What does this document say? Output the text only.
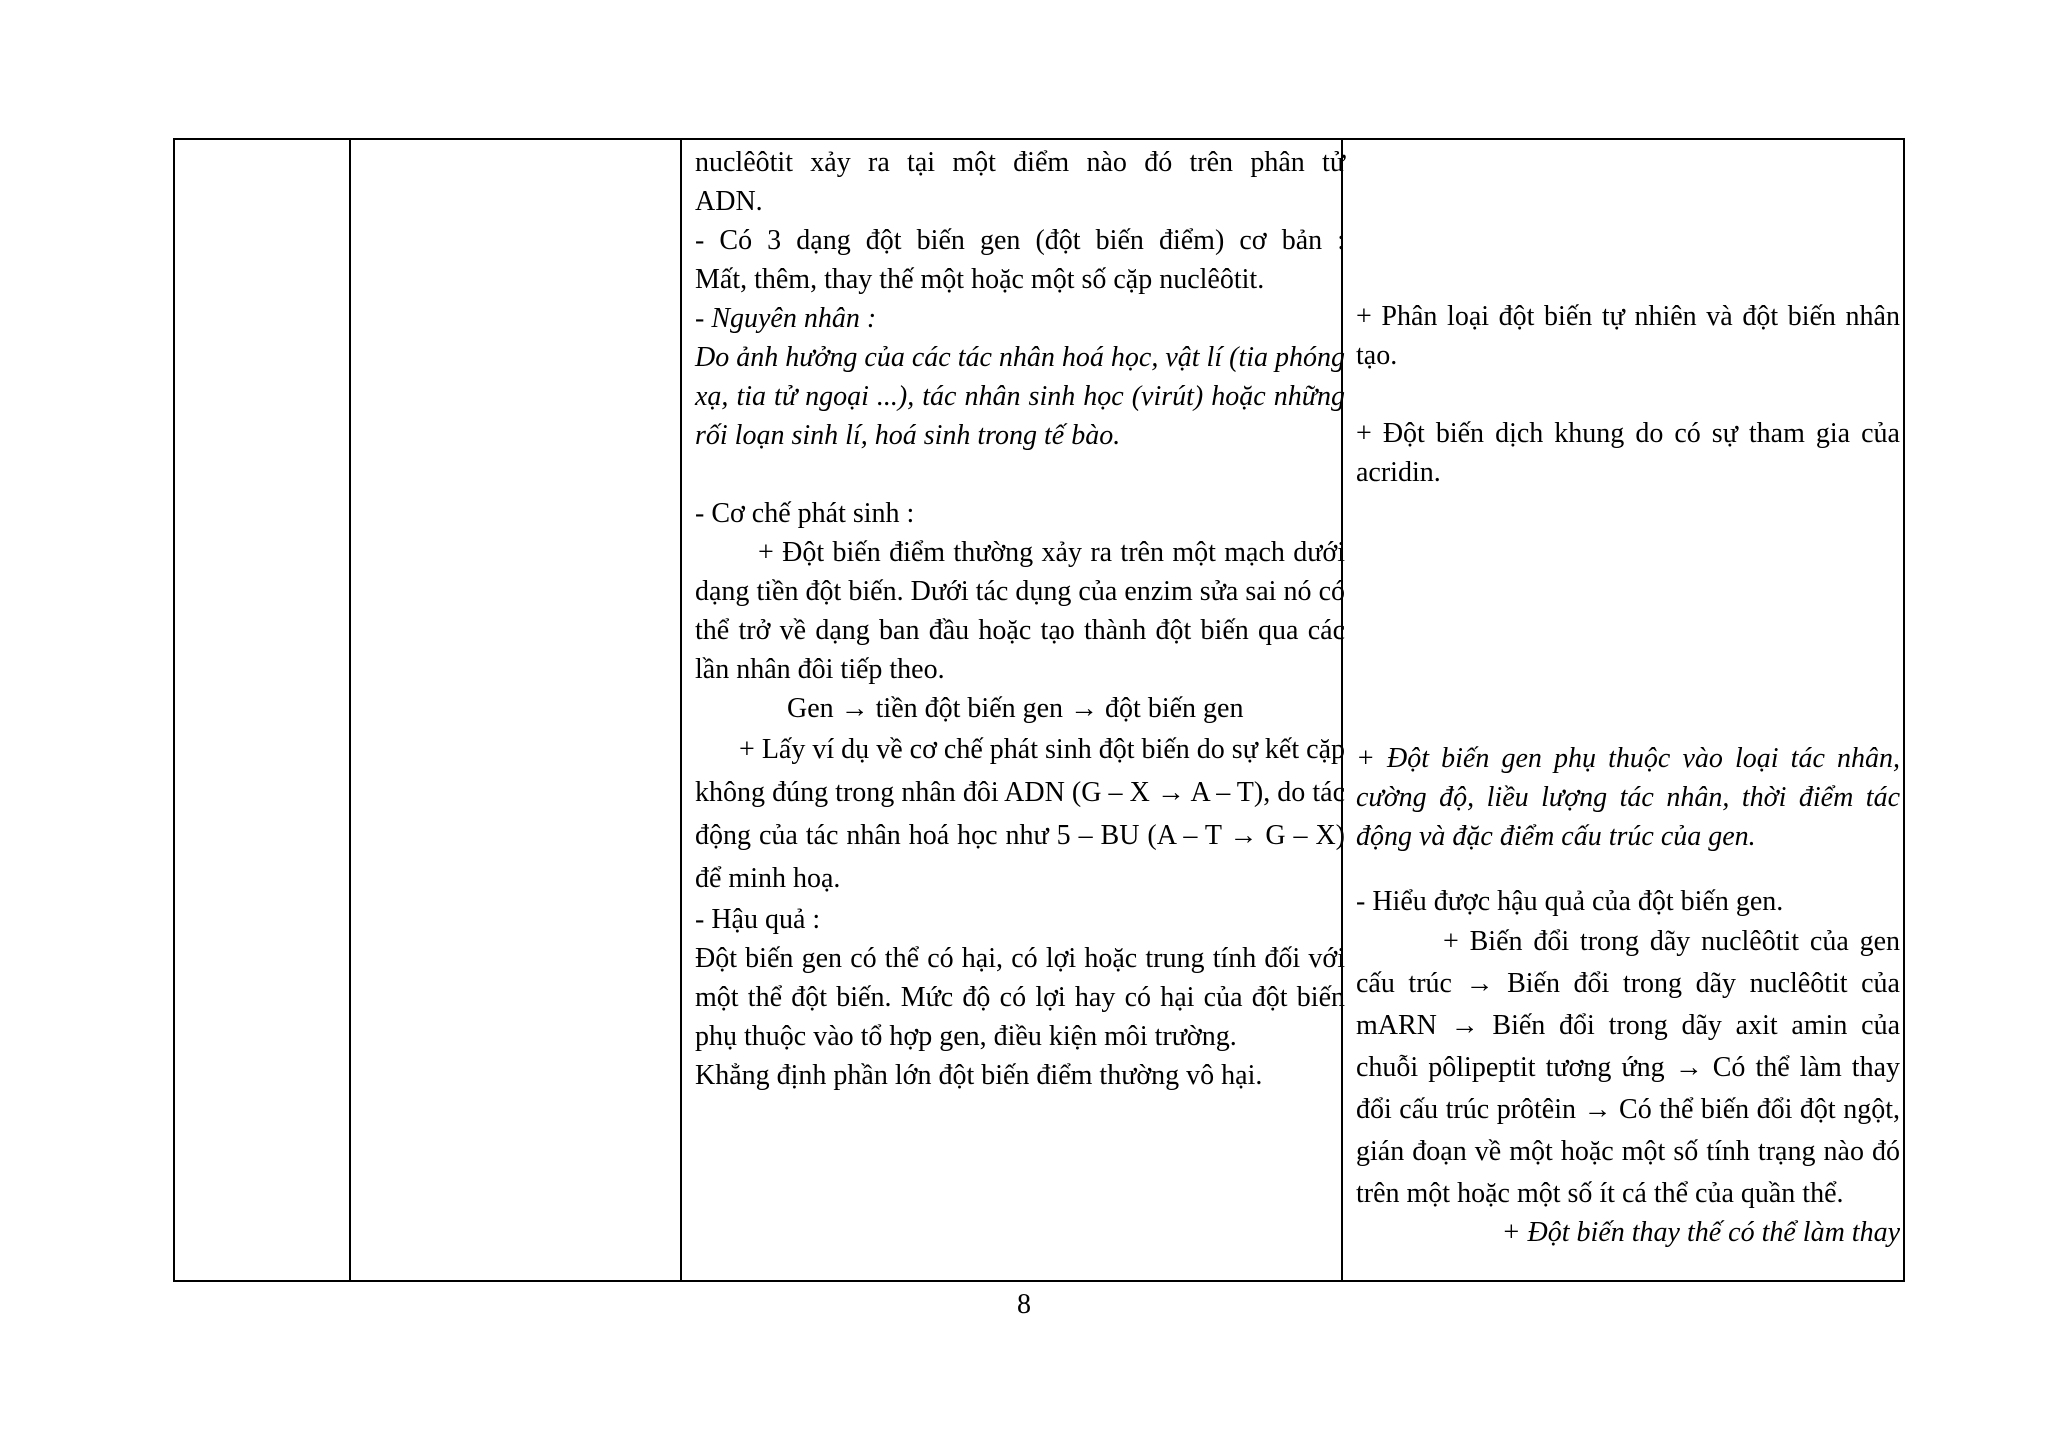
nuclêôtit xảy ra tại một điểm nào đó trên phân tử

ADN.

- Có 3 dạng đột biến gen (đột biến điểm) cơ bản :

Mất, thêm, thay thế một hoặc một số cặp nuclêôtit.

- Nguyên nhân :

Do ảnh hưởng của các tác nhân hoá học, vật lí (tia phóng xạ, tia tử ngoại ...), tác nhân sinh học (virút) hoặc những rối loạn sinh lí, hoá sinh trong tế bào.

- Cơ chế phát sinh :

+ Đột biến điểm thường xảy ra trên một mạch dưới dạng tiền đột biến. Dưới tác dụng của enzim sửa sai nó có thể trở về dạng ban đầu hoặc tạo thành đột biến qua các lần nhân đôi tiếp theo.

Gen → tiền đột biến gen → đột biến gen

+ Lấy ví dụ về cơ chế phát sinh đột biến do sự kết cặp không đúng trong nhân đôi ADN (G – X → A – T), do tác động của tác nhân hoá học như 5 – BU (A – T → G – X) để minh hoạ.

- Hậu quả :

Đột biến gen có thể có hại, có lợi hoặc trung tính đối với một thể đột biến. Mức độ có lợi hay có hại của đột biến phụ thuộc vào tổ hợp gen, điều kiện môi trường.

Khẳng định phần lớn đột biến điểm thường vô hại.

+ Phân loại đột biến tự nhiên và đột biến nhân tạo.

+ Đột biến dịch khung do có sự tham gia của acridin.

+ Đột biến gen phụ thuộc vào loại tác nhân, cường độ, liều lượng tác nhân, thời điểm tác động và đặc điểm cấu trúc của gen.

- Hiểu được hậu quả của đột biến gen.

+ Biến đổi trong dãy nuclêôtit của gen cấu trúc → Biến đổi trong dãy nuclêôtit của mARN → Biến đổi trong dãy axit amin của chuỗi pôlipeptit tương ứng → Có thể làm thay đổi cấu trúc prôtêin → Có thể biến đổi đột ngột, gián đoạn về một hoặc một số tính trạng nào đó trên một hoặc một số ít cá thể của quần thể.

+ Đột biến thay thế có thể làm thay

8
